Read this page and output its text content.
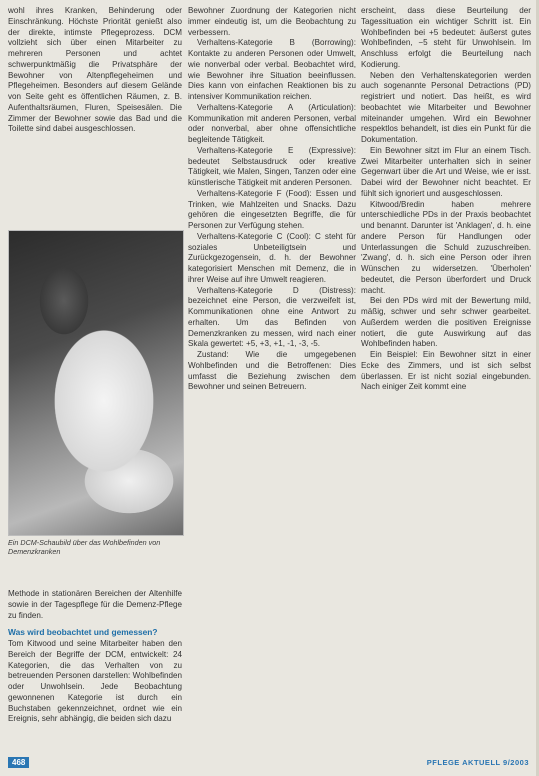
wohl ihres Kranken, Behinderung oder Einschränkung. Höchste Priorität genießt also der direkte, intimste Pflegeprozess. DCM vollzieht sich über einen Mitarbeiter zu mehreren Personen und achtet schwerpunktmäßig die Privatsphäre der Bewohner von Altenpflegeheimen und Pflegeheimen. Besonders auf diesem Gelände von Seite geht es öffentlichen Räumen, z. B. Aufenthaltsräumen, Fluren, Speisesälen. Die Zimmer der Bewohner sowie das Bad und die Toilette sind dabei ausgeschlossen.

Ein DCM-Schaubild über das Wohlbefinden von Demenzkranken

Methode in stationären Bereichen der Altenhilfe sowie in der Tagespflege für die Demenz-Pflege zu finden.

Was wird beobachtet und gemessen?

Tom Kitwood und seine Mitarbeiter haben den Bereich der Begriffe der DCM, entwickelt: 24 Kategorien, die das Verhalten von zu betreuenden Personen darstellen: Wohlbefinden oder Unwohlsein. Jede Beobachtung gewonnenen Kategorie ist durch ein Buchstaben gekennzeichnet, ordnet wie ein Ereignis, sehr abhängig, die beiden sich dazu

Bewohner Zuordnung der Kategorien nicht immer eindeutig ist, um die Beobachtung zu verbessern.

Verhaltens-Kategorie B (Borrowing): Kontakte zu anderen Personen oder Umwelt, wie nonverbal oder verbal. Beobachtet wird, wie Bewohner ihre Situation beeinflussen. Dies kann von einfachen Reaktionen bis zu intensiver Kommunikation reichen.

Verhaltens-Kategorie A (Articulation): Kommunikation mit anderen Personen, verbal oder nonverbal, aber ohne offensichtliche begleitende Tätigkeit.

Verhaltens-Kategorie E (Expressive): bedeutet Selbstausdruck oder kreative Tätigkeit, wie Malen, Singen, Tanzen oder eine künstlerische Tätigkeit mit anderen Personen.

Verhaltens-Kategorie F (Food): Essen und Trinken, wie Mahlzeiten und Snacks. Dazu gehören die eingesetzten Begriffe, die für Personen zur Verfügung stehen.

Verhaltens-Kategorie C (Cool): C steht für soziales Unbeteiligtsein und Zurückgezogensein, d. h. der Bewohner kategorisiert Menschen mit Demenz, die in ihrer Weise auf ihre Umwelt reagieren.

Verhaltens-Kategorie D (Distress): bezeichnet eine Person, die verzweifelt ist, Kommunikationen ohne eine Antwort zu erhalten. Um das Befinden von Demenzkranken zu messen, wird nach einer Skala gewertet: +5, +3, +1, -1, -3, -5.

Zustand: Wie die umgegebenen Wohlbefinden und die Betroffenen: Dies umfasst die Beziehung zwischen dem Bewohner und seinen Betreuern.

erscheint, dass diese Beurteilung der Tagessituation ein wichtiger Schritt ist. Ein Wohlbefinden bei +5 bedeutet: äußerst gutes Wohlbefinden, −5 steht für Unwohlsein. Im Anschluss erfolgt die Beurteilung nach Kodierung.

Neben den Verhaltenskategorien werden auch sogenannte Personal Detractions (PD) registriert und notiert. Das heißt, es wird beobachtet wie Mitarbeiter und Bewohner miteinander umgehen. Wird ein Bewohner respektlos behandelt, ist dies ein Punkt für die Dokumentation.

Ein Bewohner sitzt im Flur an einem Tisch. Zwei Mitarbeiter unterhalten sich in seiner Gegenwart über die Art und Weise, wie er isst. Dabei wird der Bewohner nicht beachtet. Er fühlt sich ignoriert und ausgeschlossen.

Kitwood/Bredin haben mehrere unterschiedliche PDs in der Praxis beobachtet und benannt. Darunter ist 'Anklagen', d. h. eine andere Person für Handlungen oder Unterlassungen die Schuld zuzuschreiben. 'Zwang', d. h. sich eine Person oder ihren Wünschen zu widersetzen. 'Überholen' bedeutet, die Person überfordert und Druck macht.

Bei den PDs wird mit der Bewertung mild, mäßig, schwer und sehr schwer gearbeitet. Außerdem werden die positiven Ereignisse notiert, die gute Auswirkung auf das Wohlbefinden haben.

Ein Beispiel: Ein Bewohner sitzt in einer Ecke des Zimmers, und ist sich selbst überlassen. Er ist nicht sozial eingebunden. Nach einiger Zeit kommt eine

468	PFLEGE AKTUELL 9/2003
